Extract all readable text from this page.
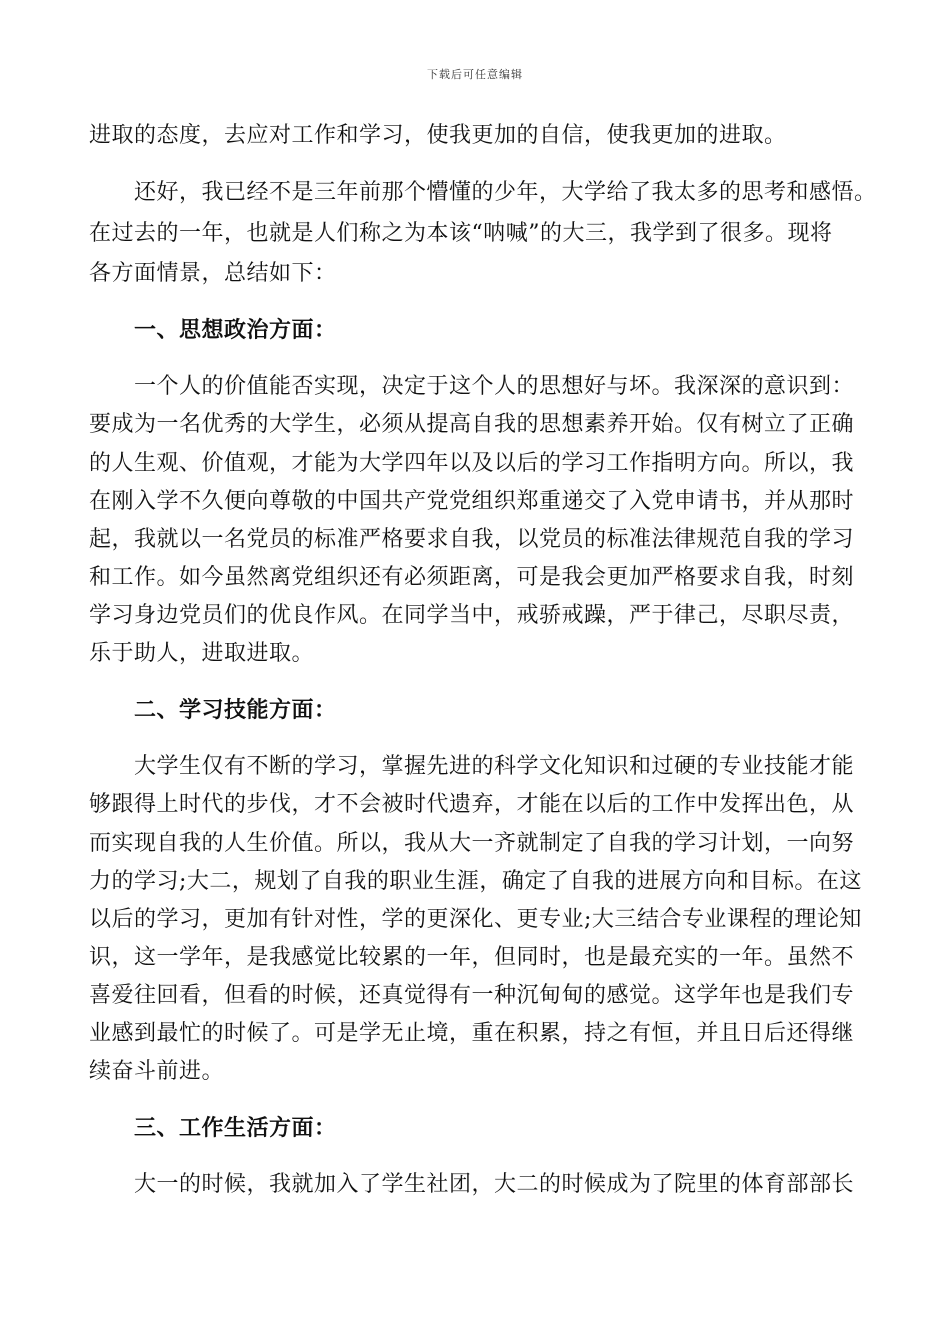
下载后可任意编辑
进取的态度，去应对工作和学习，使我更加的自信，使我更加的进取。
还好，我已经不是三年前那个懵懂的少年，大学给了我太多的思考和感悟。
在过去的一年，也就是人们称之为本该“呐喊”的大三，我学到了很多。现将
各方面情景，总结如下：
一、思想政治方面：
一个人的价值能否实现，决定于这个人的思想好与坏。我深深的意识到：
要成为一名优秀的大学生，必须从提高自我的思想素养开始。仅有树立了正确
的人生观、价值观，才能为大学四年以及以后的学习工作指明方向。所以，我
在刚入学不久便向尊敬的中国共产党党组织郑重递交了入党申请书，并从那时
起，我就以一名党员的标准严格要求自我，以党员的标准法律规范自我的学习
和工作。如今虽然离党组织还有必须距离，可是我会更加严格要求自我，时刻
学习身边党员们的优良作风。在同学当中，戒骄戒躁，严于律己，尽职尽责，
乐于助人，进取进取。
二、学习技能方面：
大学生仅有不断的学习，掌握先进的科学文化知识和过硬的专业技能才能
够跟得上时代的步伐，才不会被时代遗弃，才能在以后的工作中发挥出色，从
而实现自我的人生价值。所以，我从大一齐就制定了自我的学习计划，一向努
力的学习;大二，规划了自我的职业生涯，确定了自我的进展方向和目标。在这
以后的学习，更加有针对性，学的更深化、更专业;大三结合专业课程的理论知
识，这一学年，是我感觉比较累的一年，但同时，也是最充实的一年。虽然不
喜爱往回看，但看的时候，还真觉得有一种沉甸甸的感觉。这学年也是我们专
业感到最忙的时候了。可是学无止境，重在积累，持之有恒，并且日后还得继
续奋斗前进。
三、工作生活方面：
大一的时候，我就加入了学生社团，大二的时候成为了院里的体育部部长
